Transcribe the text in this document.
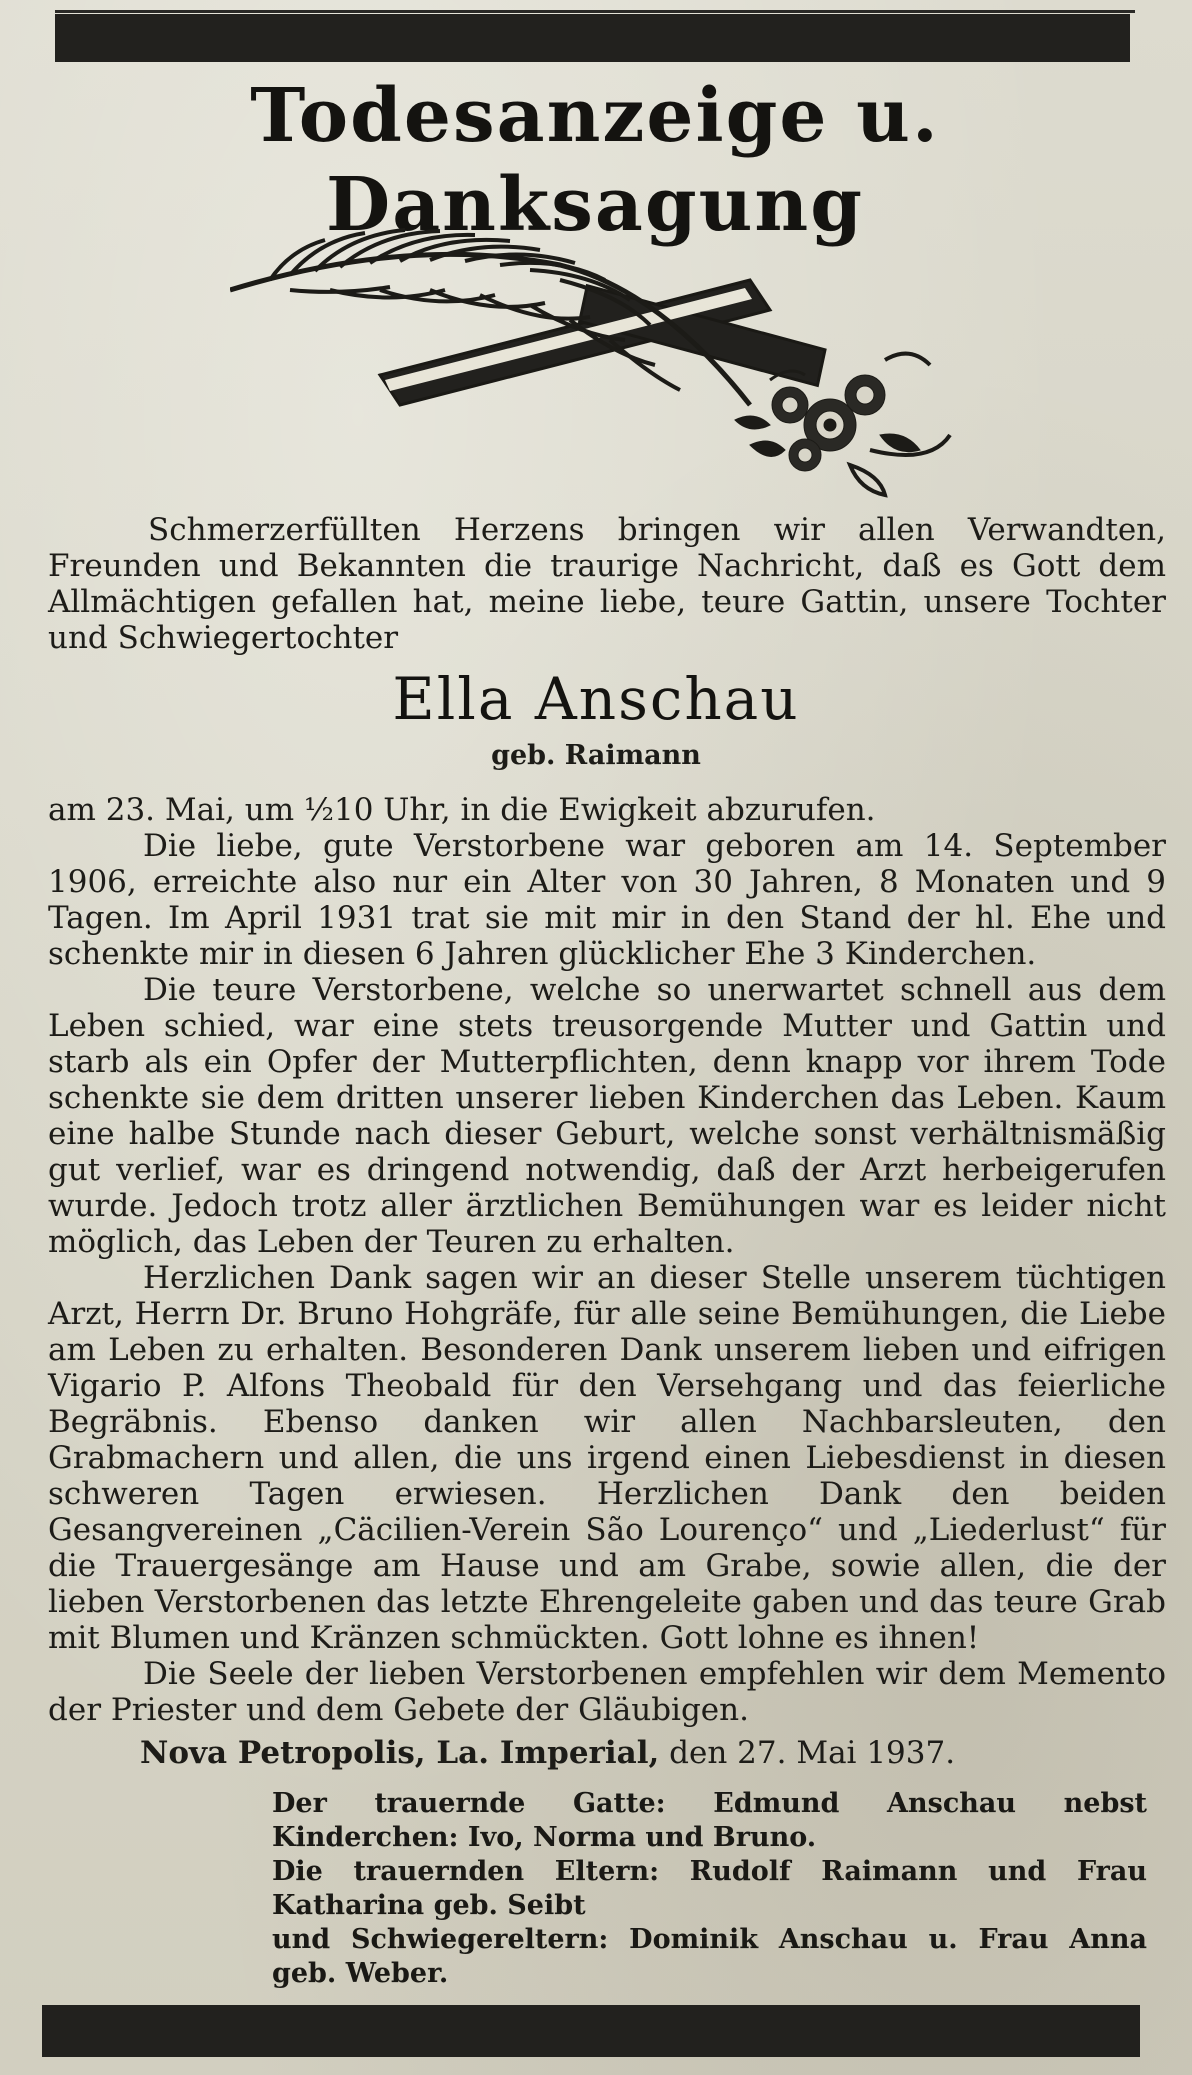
Todesanzeige u. Danksagung

Schmerzerfüllten Herzens bringen wir allen Verwandten, Freunden und Bekannten die traurige Nachricht, daß es Gott dem Allmächtigen gefallen hat, meine liebe, teure Gattin, unsere Tochter und Schwiegertochter

Ella Anschau
geb. Raimann

am 23. Mai, um ½10 Uhr, in die Ewigkeit abzurufen.

Die liebe, gute Verstorbene war geboren am 14. September 1906, erreichte also nur ein Alter von 30 Jahren, 8 Monaten und 9 Tagen. Im April 1931 trat sie mit mir in den Stand der hl. Ehe und schenkte mir in diesen 6 Jahren glücklicher Ehe 3 Kinderchen.

Die teure Verstorbene, welche so unerwartet schnell aus dem Leben schied, war eine stets treusorgende Mutter und Gattin und starb als ein Opfer der Mutterpflichten, denn knapp vor ihrem Tode schenkte sie dem dritten unserer lieben Kinderchen das Leben. Kaum eine halbe Stunde nach dieser Geburt, welche sonst verhältnismäßig gut verlief, war es dringend notwendig, daß der Arzt herbeigerufen wurde. Jedoch trotz aller ärztlichen Bemühungen war es leider nicht möglich, das Leben der Teuren zu erhalten.

Herzlichen Dank sagen wir an dieser Stelle unserem tüchtigen Arzt, Herrn Dr. Bruno Hohgräfe, für alle seine Bemühungen, die Liebe am Leben zu erhalten. Besonderen Dank unserem lieben und eifrigen Vigario P. Alfons Theobald für den Versehgang und das feierliche Begräbnis. Ebenso danken wir allen Nachbarsleuten, den Grabmachern und allen, die uns irgend einen Liebesdienst in diesen schweren Tagen erwiesen. Herzlichen Dank den beiden Gesangvereinen „Cäcilien-Verein São Lourenço“ und „Liederlust“ für die Trauergesänge am Hause und am Grabe, sowie allen, die der lieben Verstorbenen das letzte Ehrengeleite gaben und das teure Grab mit Blumen und Kränzen schmückten. Gott lohne es ihnen!

Die Seele der lieben Verstorbenen empfehlen wir dem Memento der Priester und dem Gebete der Gläubigen.

Nova Petropolis, La. Imperial, den 27. Mai 1937.

Der trauernde Gatte: Edmund Anschau nebst Kinderchen: Ivo, Norma und Bruno.

Die trauernden Eltern: Rudolf Raimann und Frau Katharina geb. Seibt

und Schwiegereltern: Dominik Anschau u. Frau Anna geb. Weber.
